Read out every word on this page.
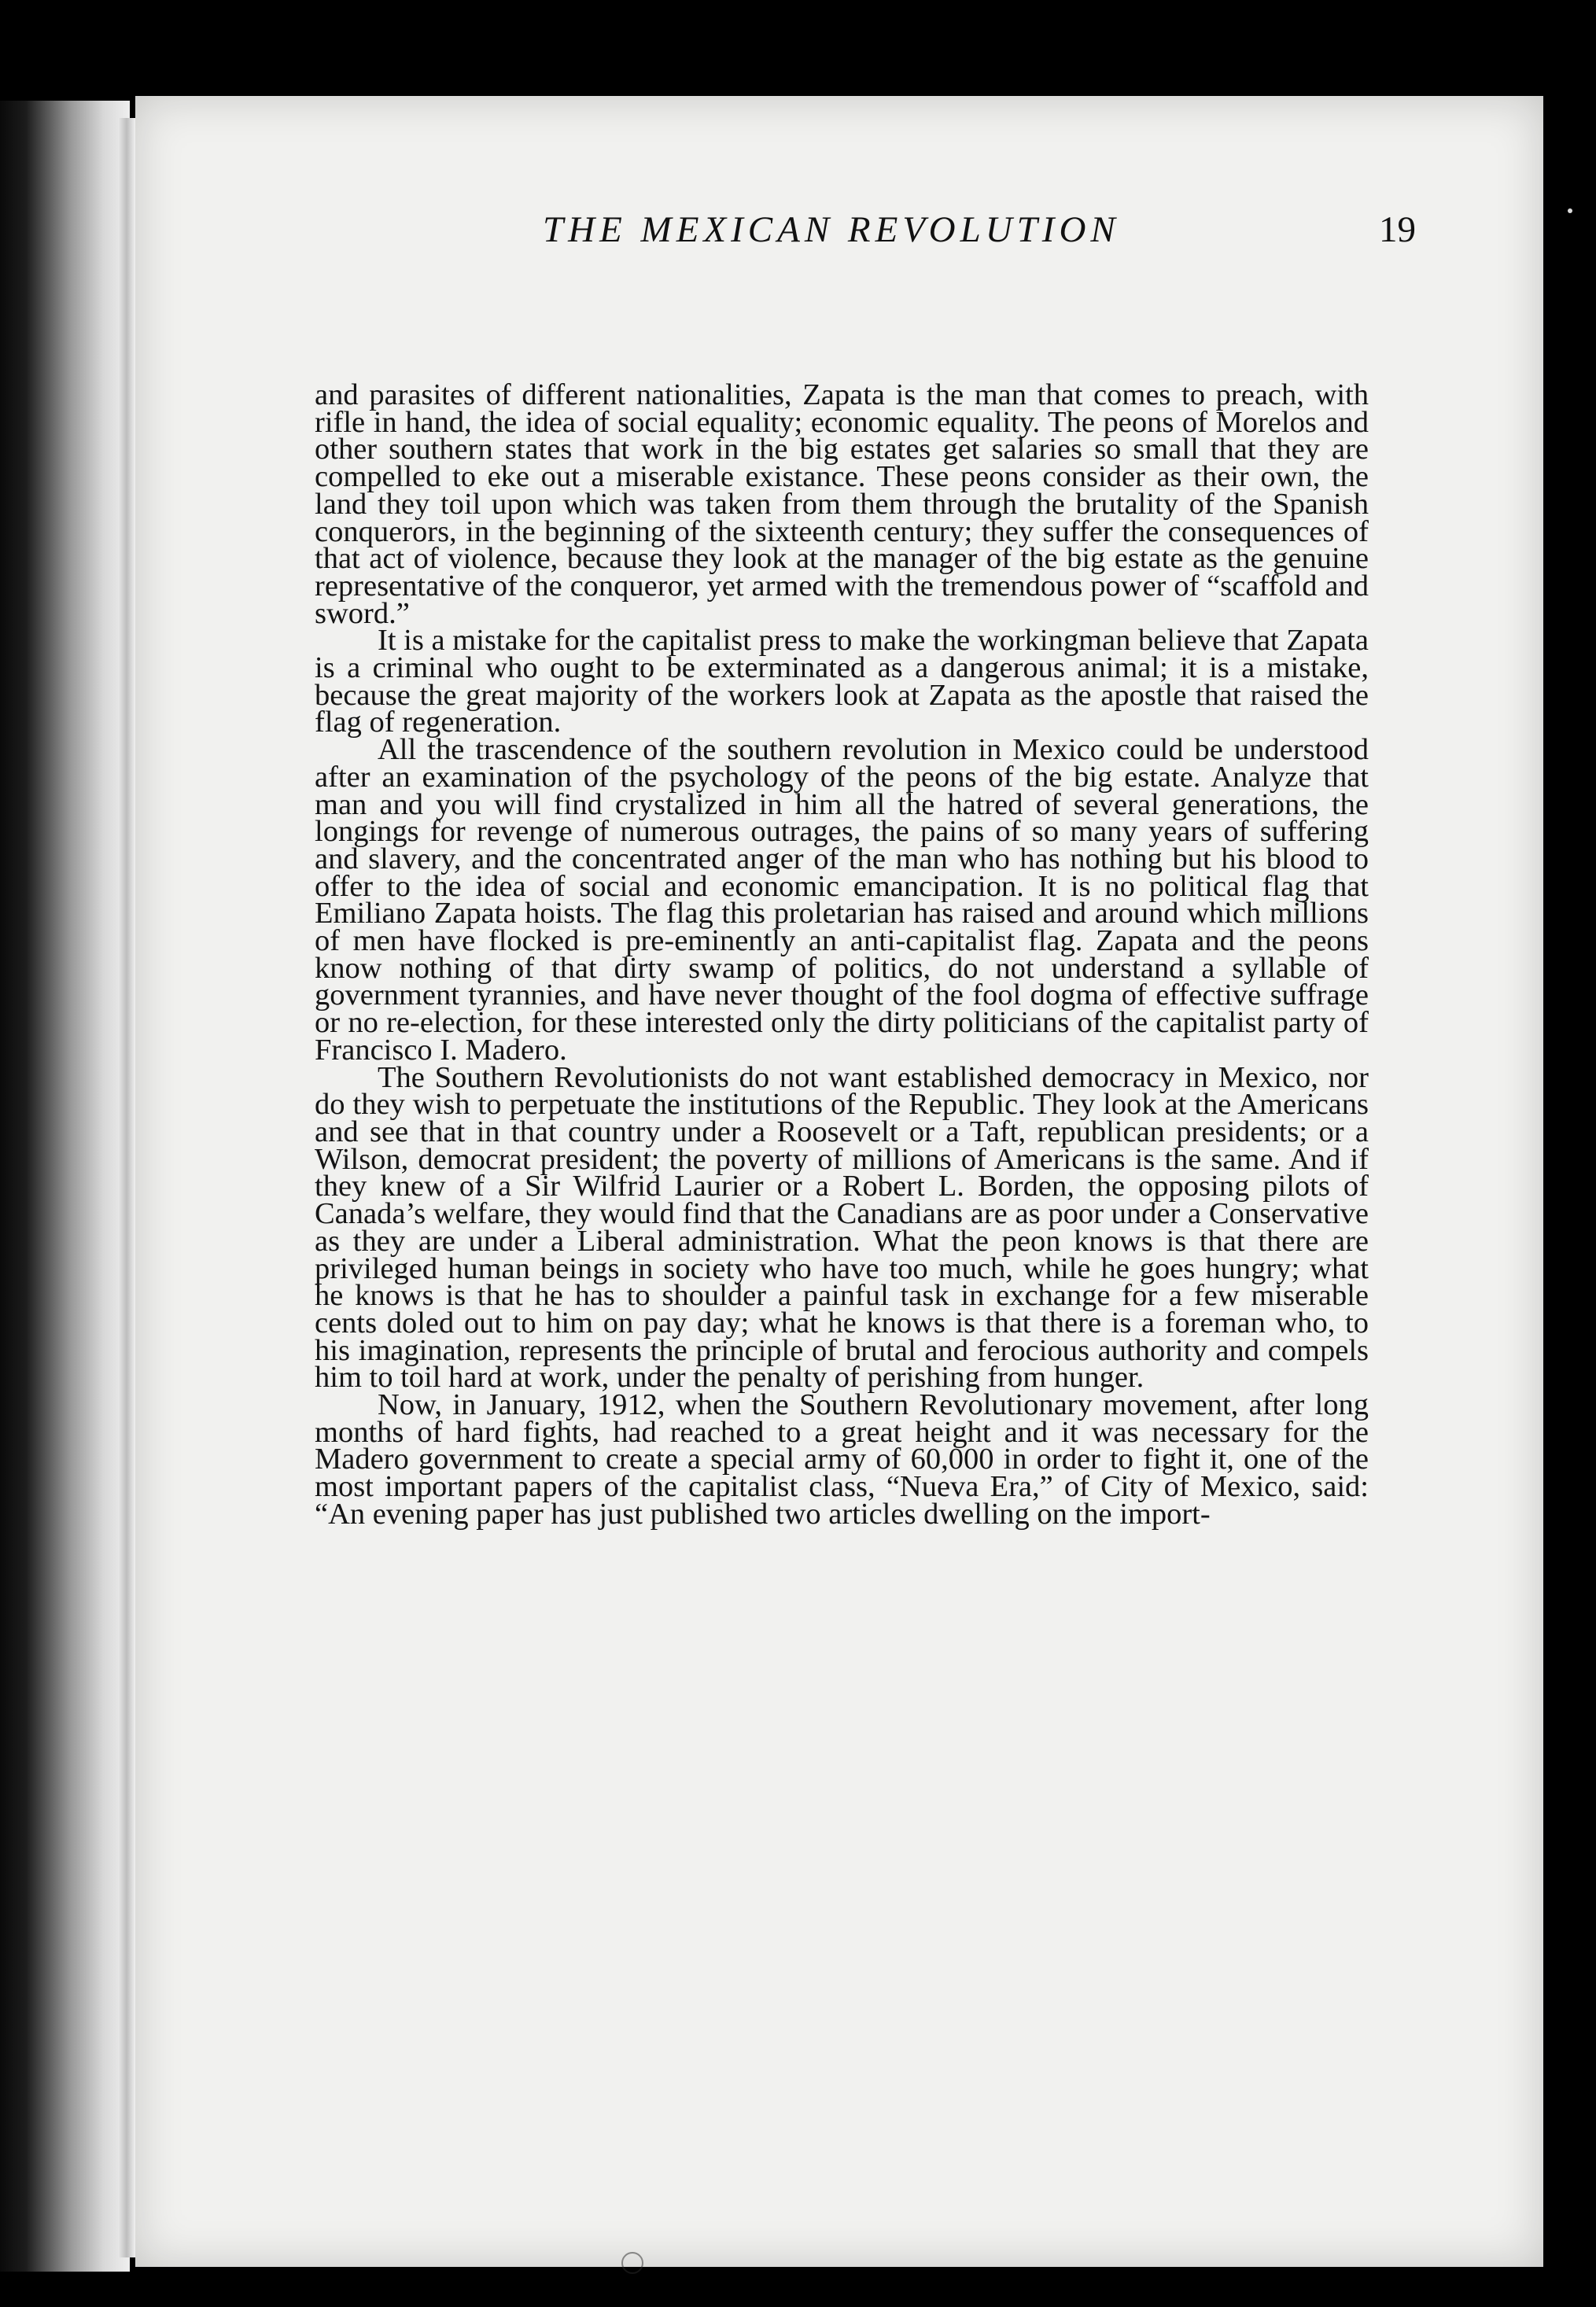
THE MEXICAN REVOLUTION	19

and parasites of different nationalities, Zapata is the man that comes to preach, with rifle in hand, the idea of social equality; economic equality. The peons of Morelos and other southern states that work in the big estates get salaries so small that they are compelled to eke out a miserable existance. These peons consider as their own, the land they toil upon which was taken from them through the brutality of the Spanish conquerors, in the beginning of the sixteenth century; they suffer the consequences of that act of violence, because they look at the manager of the big estate as the genuine representative of the conqueror, yet armed with the tremendous power of “scaffold and sword.”

It is a mistake for the capitalist press to make the workingman believe that Zapata is a criminal who ought to be exterminated as a dangerous animal; it is a mistake, because the great majority of the workers look at Zapata as the apostle that raised the flag of regeneration.

All the trascendence of the southern revolution in Mexico could be understood after an examination of the psychology of the peons of the big estate. Analyze that man and you will find crystalized in him all the hatred of several generations, the longings for revenge of numerous outrages, the pains of so many years of suffering and slavery, and the concentrated anger of the man who has nothing but his blood to offer to the idea of social and economic emancipation. It is no political flag that Emiliano Zapata hoists. The flag this proletarian has raised and around which millions of men have flocked is pre-eminently an anti-capitalist flag. Zapata and the peons know nothing of that dirty swamp of politics, do not understand a syllable of government tyrannies, and have never thought of the fool dogma of effective suffrage or no re-election, for these interested only the dirty politicians of the capitalist party of Francisco I. Madero.

The Southern Revolutionists do not want established democracy in Mexico, nor do they wish to perpetuate the institutions of the Republic. They look at the Americans and see that in that country under a Roosevelt or a Taft, republican presidents; or a Wilson, democrat president; the poverty of millions of Americans is the same. And if they knew of a Sir Wilfrid Laurier or a Robert L. Borden, the opposing pilots of Canada’s welfare, they would find that the Canadians are as poor under a Conservative as they are under a Liberal administration. What the peon knows is that there are privileged human beings in society who have too much, while he goes hungry; what he knows is that he has to shoulder a painful task in exchange for a few miserable cents doled out to him on pay day; what he knows is that there is a foreman who, to his imagination, represents the principle of brutal and ferocious authority and compels him to toil hard at work, under the penalty of perishing from hunger.

Now, in January, 1912, when the Southern Revolutionary movement, after long months of hard fights, had reached to a great height and it was necessary for the Madero government to create a special army of 60,000 in order to fight it, one of the most important papers of the capitalist class, “Nueva Era,” of City of Mexico, said: “An evening paper has just published two articles dwelling on the import-
